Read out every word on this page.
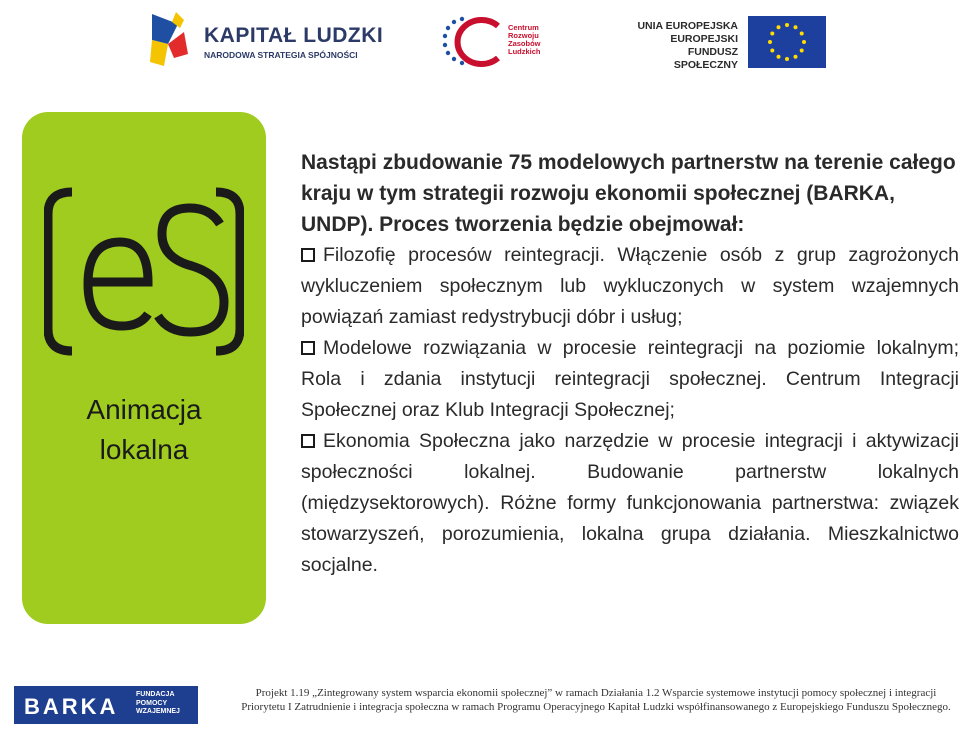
KAPITAŁ LUDZKI
NARODOWA STRATEGIA SPÓJNOŚCI
Centrum
Rozwoju
Zasobów
Ludzkich
UNIA EUROPEJSKA
EUROPEJSKI
FUNDUSZ SPOŁECZNY
Animacja
lokalna

Nastąpi zbudowanie 75 modelowych partnerstw na terenie całego kraju w tym strategii rozwoju ekonomii społecznej (BARKA, UNDP). Proces tworzenia będzie obejmował:

Filozofię procesów reintegracji. Włączenie osób z grup zagrożonych wykluczeniem społecznym lub wykluczonych w system wzajemnych powiązań zamiast redystrybucji dóbr i usług;

Modelowe rozwiązania w procesie reintegracji na poziomie lokalnym; Rola i zdania instytucji reintegracji społecznej. Centrum Integracji Społecznej oraz Klub Integracji Społecznej;

Ekonomia Społeczna jako narzędzie w procesie integracji i aktywizacji społeczności lokalnej. Budowanie partnerstw lokalnych (międzysektorowych). Różne formy funkcjonowania partnerstwa: związek stowarzyszeń, porozumienia, lokalna grupa działania. Mieszkalnictwo socjalne.

BARKA	FUNDACJA
POMOCY
WZAJEMNEJ
Projekt 1.19 „Zintegrowany system wsparcia ekonomii społecznej” w ramach Działania 1.2 Wsparcie systemowe instytucji pomocy społecznej i integracji Priorytetu I Zatrudnienie i integracja społeczna w ramach Programu Operacyjnego Kapitał Ludzki współfinansowanego z Europejskiego Funduszu Społecznego.
